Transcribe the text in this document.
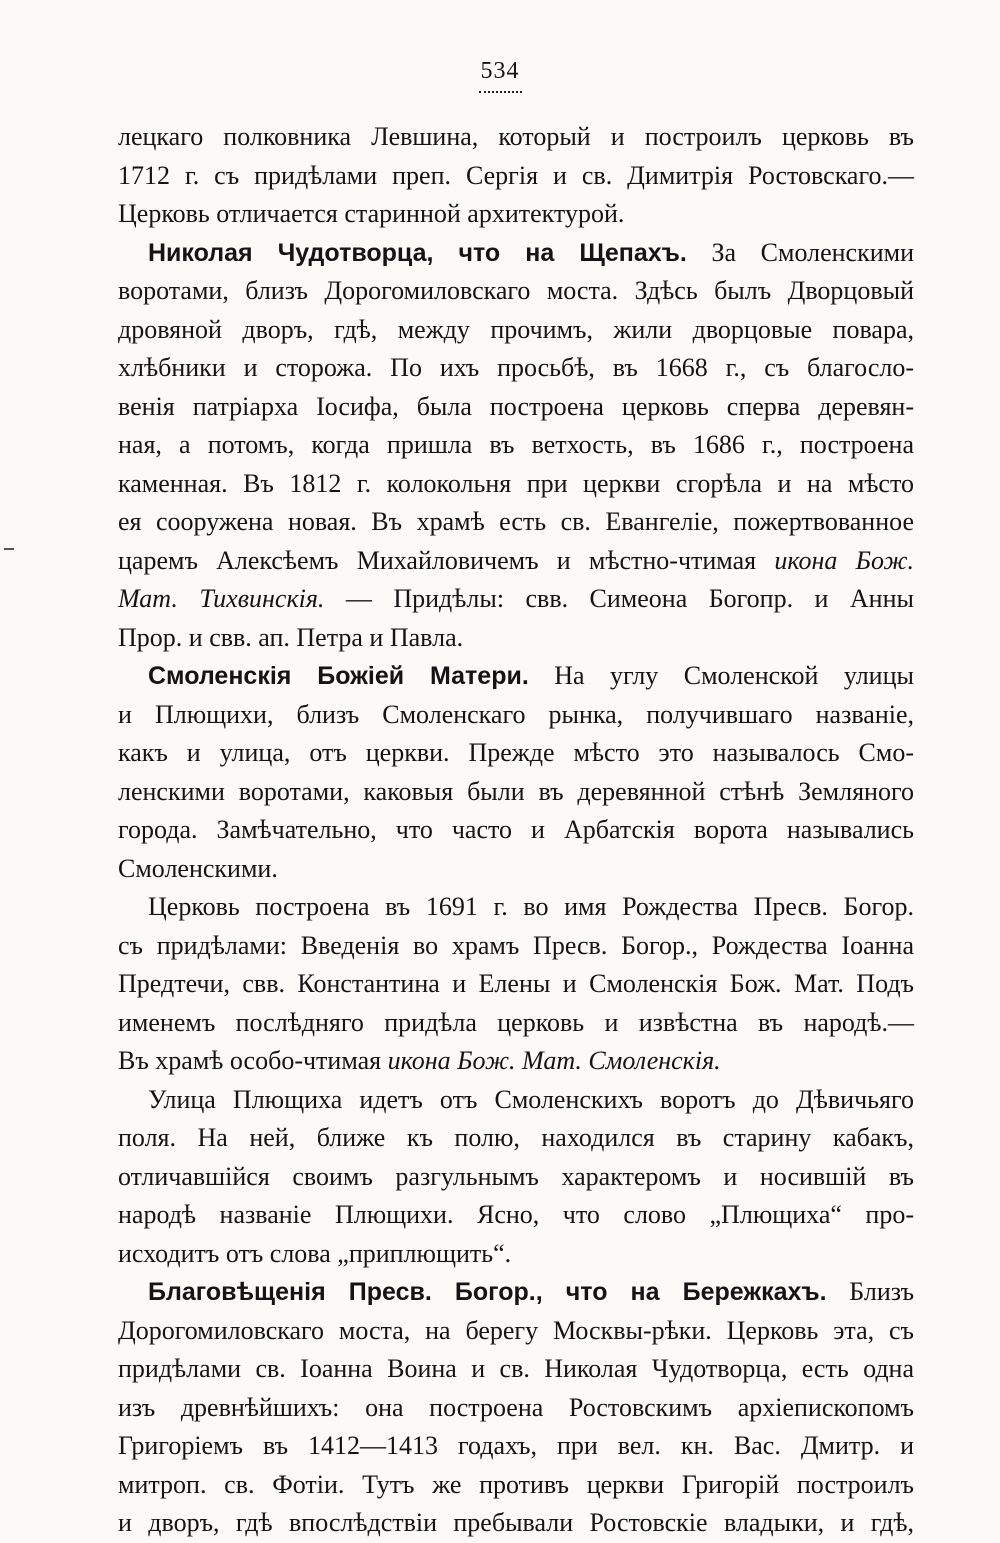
534
лецкаго полковника Левшина, который и построилъ церковь въ
1712 г. съ придѣлами преп. Сергія и св. Димитрія Ростовскаго.—
Церковь отличается старинной архитектурой.
Николая Чудотворца, что на Щепахъ. За Смоленскими
воротами, близъ Дорогомиловскаго моста. Здѣсь былъ Дворцовый
дровяной дворъ, гдѣ, между прочимъ, жили дворцовые повара,
хлѣбники и сторожа. По ихъ просьбѣ, въ 1668 г., съ благосло-
венія патріарха Іосифа, была построена церковь сперва деревян-
ная, а потомъ, когда пришла въ ветхость, въ 1686 г., построена
каменная. Въ 1812 г. колокольня при церкви сгорѣла и на мѣсто
ея сооружена новая. Въ храмѣ есть св. Евангеліе, пожертвованное
царемъ Алексѣемъ Михайловичемъ и мѣстно-чтимая икона Бож.
Мат. Тихвинскія. — Придѣлы: свв. Симеона Богопр. и Анны
Прор. и свв. ап. Петра и Павла.
Смоленскія Божіей Матери. На углу Смоленской улицы
и Плющихи, близъ Смоленскаго рынка, получившаго названіе,
какъ и улица, отъ церкви. Прежде мѣсто это называлось Смо-
ленскими воротами, каковыя были въ деревянной стѣнѣ Земляного
города. Замѣчательно, что часто и Арбатскія ворота назывались
Смоленскими.
Церковь построена въ 1691 г. во имя Рождества Пресв. Богор.
съ придѣлами: Введенія во храмъ Пресв. Богор., Рождества Іоанна
Предтечи, свв. Константина и Елены и Смоленскія Бож. Мат. Подъ
именемъ послѣдняго придѣла церковь и извѣстна въ народѣ.—
Въ храмѣ особо-чтимая икона Бож. Мат. Смоленскія.
Улица Плющиха идетъ отъ Смоленскихъ воротъ до Дѣвичьяго
поля. На ней, ближе къ полю, находился въ старину кабакъ,
отличавшійся своимъ разгульнымъ характеромъ и носившій въ
народѣ названіе Плющихи. Ясно, что слово „Плющиха“ про-
исходитъ отъ слова „приплющить“.
Благовѣщенія Пресв. Богор., что на Бережкахъ. Близъ
Дорогомиловскаго моста, на берегу Москвы-рѣки. Церковь эта, съ
придѣлами св. Іоанна Воина и св. Николая Чудотворца, есть одна
изъ древнѣйшихъ: она построена Ростовскимъ архіепископомъ
Григоріемъ въ 1412—1413 годахъ, при вел. кн. Вас. Дмитр. и
митроп. св. Фотіи. Тутъ же противъ церкви Григорій построилъ
и дворъ, гдѣ впослѣдствіи пребывали Ростовскіе владыки, и гдѣ,
